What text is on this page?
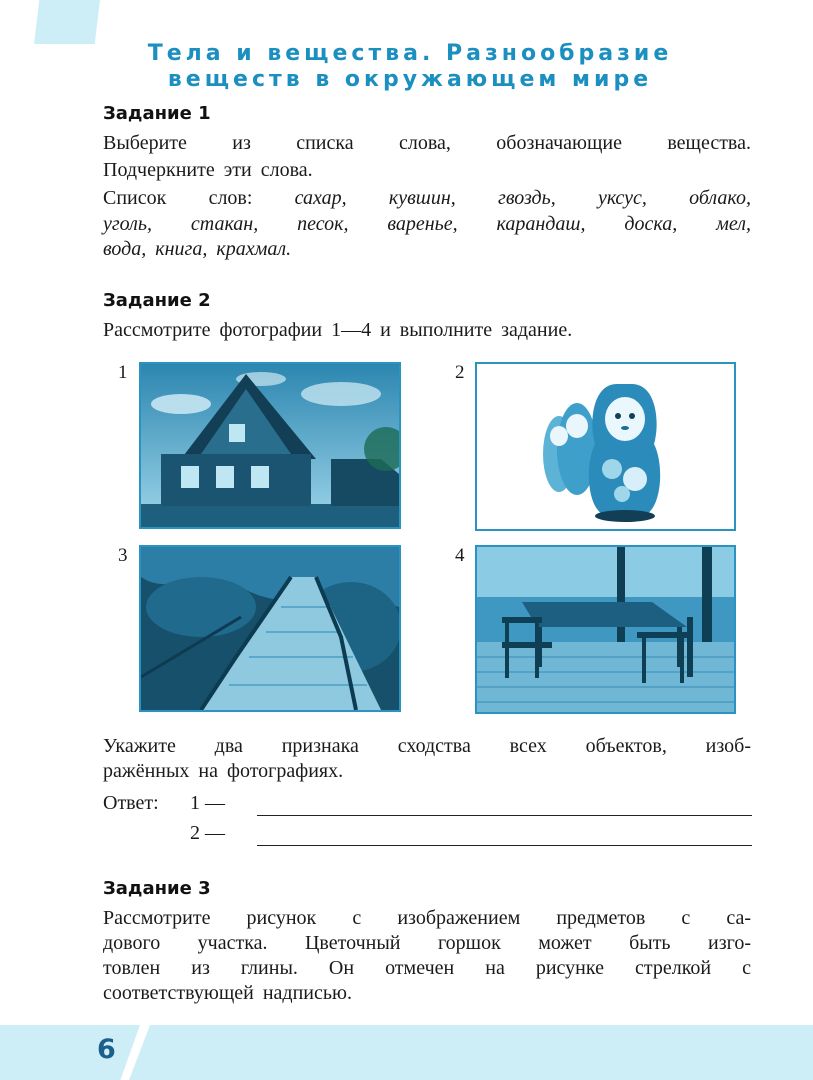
Тела и вещества. Разнообразие
веществ в окружающем мире
Задание 1
Выберите из списка слова, обозначающие вещества.
Подчеркните эти слова.
Список слов: сахар, кувшин, гвоздь, уксус, облако,
уголь, стакан, песок, варенье, карандаш, доска, мел,
вода, книга, крахмал.
Задание 2
Рассмотрите фотографии 1—4 и выполните задание.
1	2
3	4
Укажите два признака сходства всех объектов, изоб-
ражённых на фотографиях.
Ответ: 1 —
2 —
Задание 3
Рассмотрите рисунок с изображением предметов с са-
дового участка. Цветочный горшок может быть изго-
товлен из глины. Он отмечен на рисунке стрелкой с
соответствующей надписью.
6
